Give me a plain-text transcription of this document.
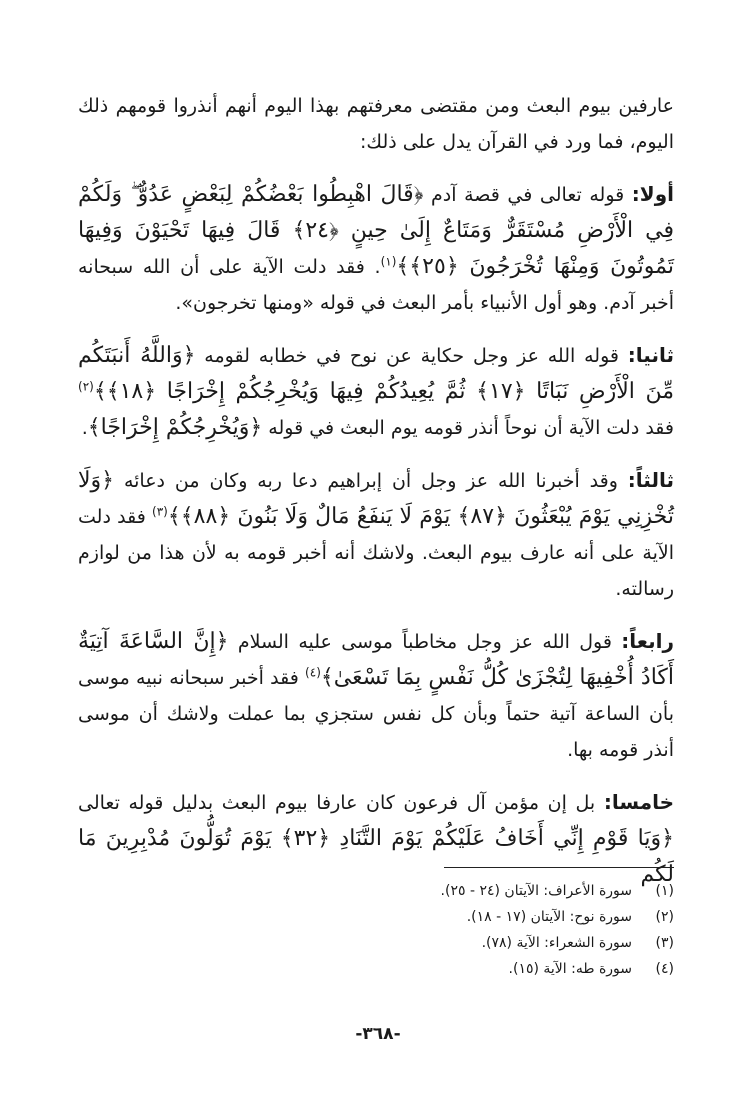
عارفين بيوم البعث ومن مقتضى معرفتهم بهذا اليوم أنهم أنذروا قومهم ذلك اليوم، فما ورد في القرآن يدل على ذلك:

أولا: قوله تعالى في قصة آدم ﴿قَالَ اهْبِطُوا بَعْضُكُمْ لِبَعْضٍ عَدُوٌّ ۖ وَلَكُمْ فِي الْأَرْضِ مُسْتَقَرٌّ وَمَتَاعٌ إِلَىٰ حِينٍ ﴿٢٤﴾ قَالَ فِيهَا تَحْيَوْنَ وَفِيهَا تَمُوتُونَ وَمِنْهَا تُخْرَجُونَ ﴿٢٥﴾﴾$^{(١)}$. فقد دلت الآية على أن الله سبحانه أخبر آدم. وهو أول الأنبياء بأمر البعث في قوله «ومنها تخرجون».

ثانيا: قوله الله عز وجل حكاية عن نوح في خطابه لقومه ﴿وَاللَّهُ أَنبَتَكُم مِّنَ الْأَرْضِ نَبَاتًا ﴿١٧﴾ ثُمَّ يُعِيدُكُمْ فِيهَا وَيُخْرِجُكُمْ إِخْرَاجًا ﴿١٨﴾﴾$^{(٢)}$ فقد دلت الآية أن نوحاً أنذر قومه يوم البعث في قوله ﴿وَيُخْرِجُكُمْ إِخْرَاجًا﴾.

ثالثاً: وقد أخبرنا الله عز وجل أن إبراهيم دعا ربه وكان من دعائه ﴿وَلَا تُخْزِنِي يَوْمَ يُبْعَثُونَ ﴿٨٧﴾ يَوْمَ لَا يَنفَعُ مَالٌ وَلَا بَنُونَ ﴿٨٨﴾﴾$^{(٣)}$ فقد دلت الآية على أنه عارف بيوم البعث. ولاشك أنه أخبر قومه به لأن هذا من لوازم رسالته.

رابعاً: قول الله عز وجل مخاطباً موسى عليه السلام ﴿إِنَّ السَّاعَةَ آتِيَةٌ أَكَادُ أُخْفِيهَا لِتُجْزَىٰ كُلُّ نَفْسٍ بِمَا تَسْعَىٰ﴾$^{(٤)}$ فقد أخبر سبحانه نبيه موسى بأن الساعة آتية حتماً وبأن كل نفس ستجزي بما عملت ولاشك أن موسى أنذر قومه بها.

خامسا: بل إن مؤمن آل فرعون كان عارفا بيوم البعث بدليل قوله تعالى ﴿وَيَا قَوْمِ إِنِّي أَخَافُ عَلَيْكُمْ يَوْمَ التَّنَادِ ﴿٣٢﴾ يَوْمَ تُوَلُّونَ مُدْبِرِينَ مَا لَكُم

(١)سورة الأعراف: الآيتان (٢٤ - ٢٥).
(٢)سورة نوح: الآيتان (١٧ - ١٨).
(٣)سورة الشعراء: الآية (٧٨).
(٤)سورة طه: الآية (١٥).
-٣٦٨-
